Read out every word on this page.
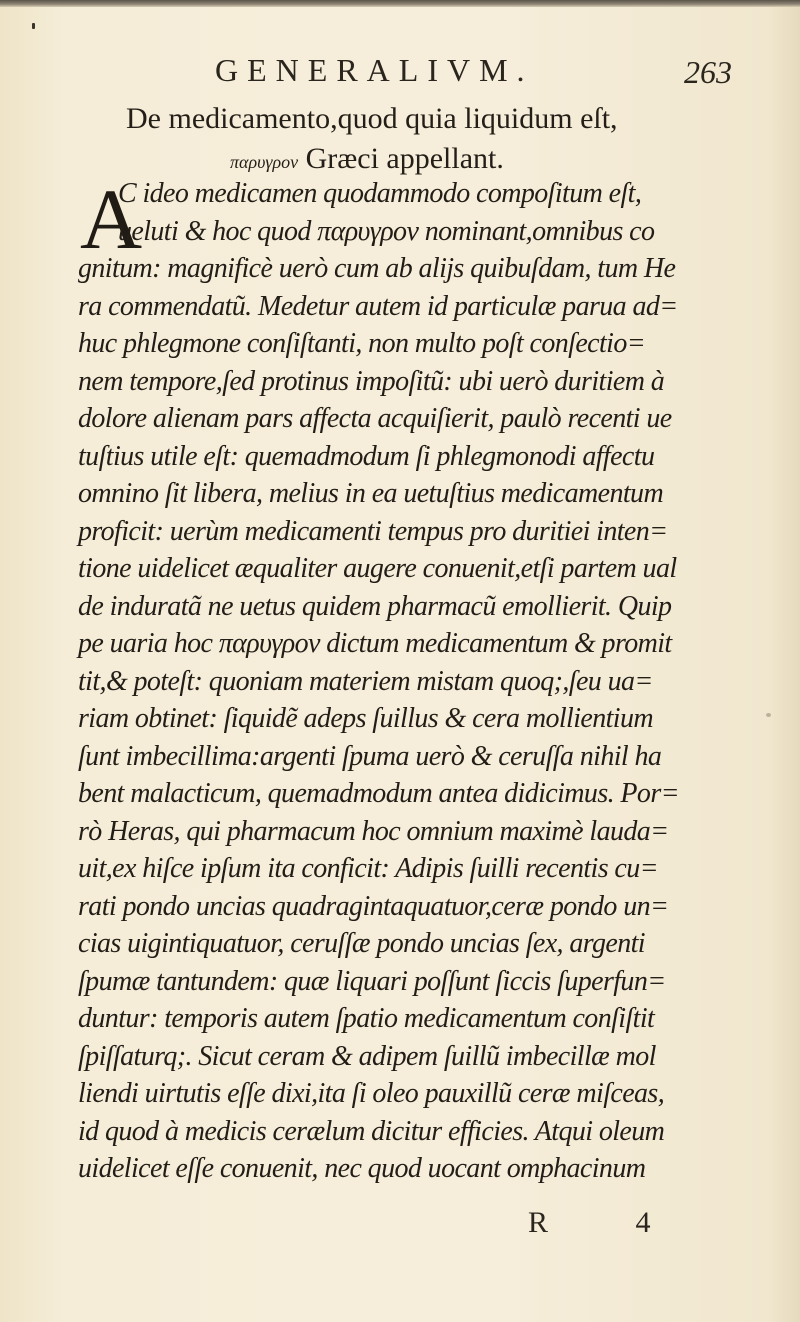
GENERALIVM.	263
De medicamento,quod quia liquidum eſt,
παρυγρον Græci appellant.
A
C ideo medicamen quodammodo compoſitum eſt,
ueluti & hoc quod παρυγρον nominant,omnibus co
gnitum: magnificè uerò cum ab alijs quibuſdam, tum He
ra commendatũ. Medetur autem id particulæ parua ad=
huc phlegmone conſiſtanti, non multo poſt conſectio=
nem tempore,ſed protinus impoſitũ: ubi uerò duritiem à
dolore alienam pars affecta acquiſierit, paulò recenti ue
tuſtius utile eſt: quemadmodum ſi phlegmonodi affectu
omnino ſit libera, melius in ea uetuſtius medicamentum
proficit: uerùm medicamenti tempus pro duritiei inten=
tione uidelicet æqualiter augere conuenit,etſi partem ual
de induratã ne uetus quidem pharmacũ emollierit. Quip
pe uaria hoc παρυγρον dictum medicamentum & promit
tit,& poteſt: quoniam materiem mistam quoq;,ſeu ua=
riam obtinet: ſiquidẽ adeps ſuillus & cera mollientium
ſunt imbecillima:argenti ſpuma uerò & ceruſſa nihil ha
bent malacticum, quemadmodum antea didicimus. Por=
rò Heras, qui pharmacum hoc omnium maximè lauda=
uit,ex hiſce ipſum ita conficit: Adipis ſuilli recentis cu=
rati pondo uncias quadragintaquatuor,ceræ pondo un=
cias uigintiquatuor, ceruſſæ pondo uncias ſex, argenti
ſpumæ tantundem: quæ liquari poſſunt ſiccis ſuperfun=
duntur: temporis autem ſpatio medicamentum conſiſtit
ſpiſſaturq;. Sicut ceram & adipem ſuillũ imbecillæ mol
liendi uirtutis eſſe dixi,ita ſi oleo pauxillũ ceræ miſceas,
id quod à medicis cerælum dicitur efficies. Atqui oleum
uidelicet eſſe conuenit, nec quod uocant omphacinum
R 4
